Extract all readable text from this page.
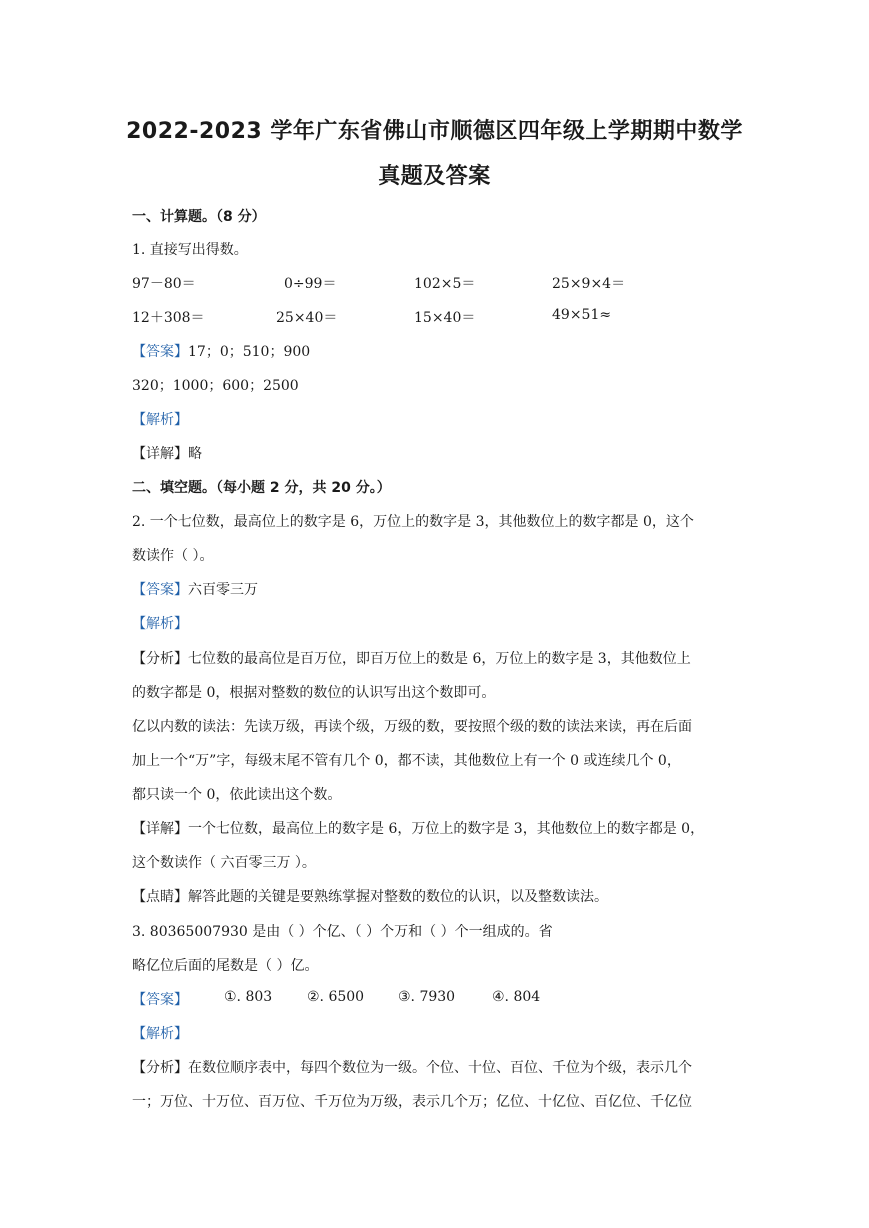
2022-2023 学年广东省佛山市顺德区四年级上学期期中数学
真题及答案
一、计算题。（8 分）
1. 直接写出得数。
97－80＝	0÷99＝	102×5＝	25×9×4＝
12＋308＝	25×40＝	15×40＝	49×51≈
【答案】17；0；510；900
320；1000；600；2500
【解析】
【详解】略
二、填空题。（每小题 2 分，共 20 分。）
2. 一个七位数，最高位上的数字是 6，万位上的数字是 3，其他数位上的数字都是 0，这个
数读作（ ）。
【答案】六百零三万
【解析】
【分析】七位数的最高位是百万位，即百万位上的数是 6，万位上的数字是 3，其他数位上
的数字都是 0，根据对整数的数位的认识写出这个数即可。
亿以内数的读法：先读万级，再读个级，万级的数，要按照个级的数的读法来读，再在后面
加上一个“万”字，每级末尾不管有几个 0，都不读，其他数位上有一个 0 或连续几个 0，
都只读一个 0，依此读出这个数。
【详解】一个七位数，最高位上的数字是 6，万位上的数字是 3，其他数位上的数字都是 0，
这个数读作（ 六百零三万 ）。
【点睛】解答此题的关键是要熟练掌握对整数的数位的认识，以及整数读法。
3. 80365007930 是由（ ）个亿、（ ）个万和（ ）个一组成的。省
略亿位后面的尾数是（ ）亿。
【答案】	①. 803 ②. 6500 ③. 7930	④. 804
【解析】
【分析】在数位顺序表中，每四个数位为一级。个位、十位、百位、千位为个级，表示几个
一；万位、十万位、百万位、千万位为万级，表示几个万；亿位、十亿位、百亿位、千亿位
